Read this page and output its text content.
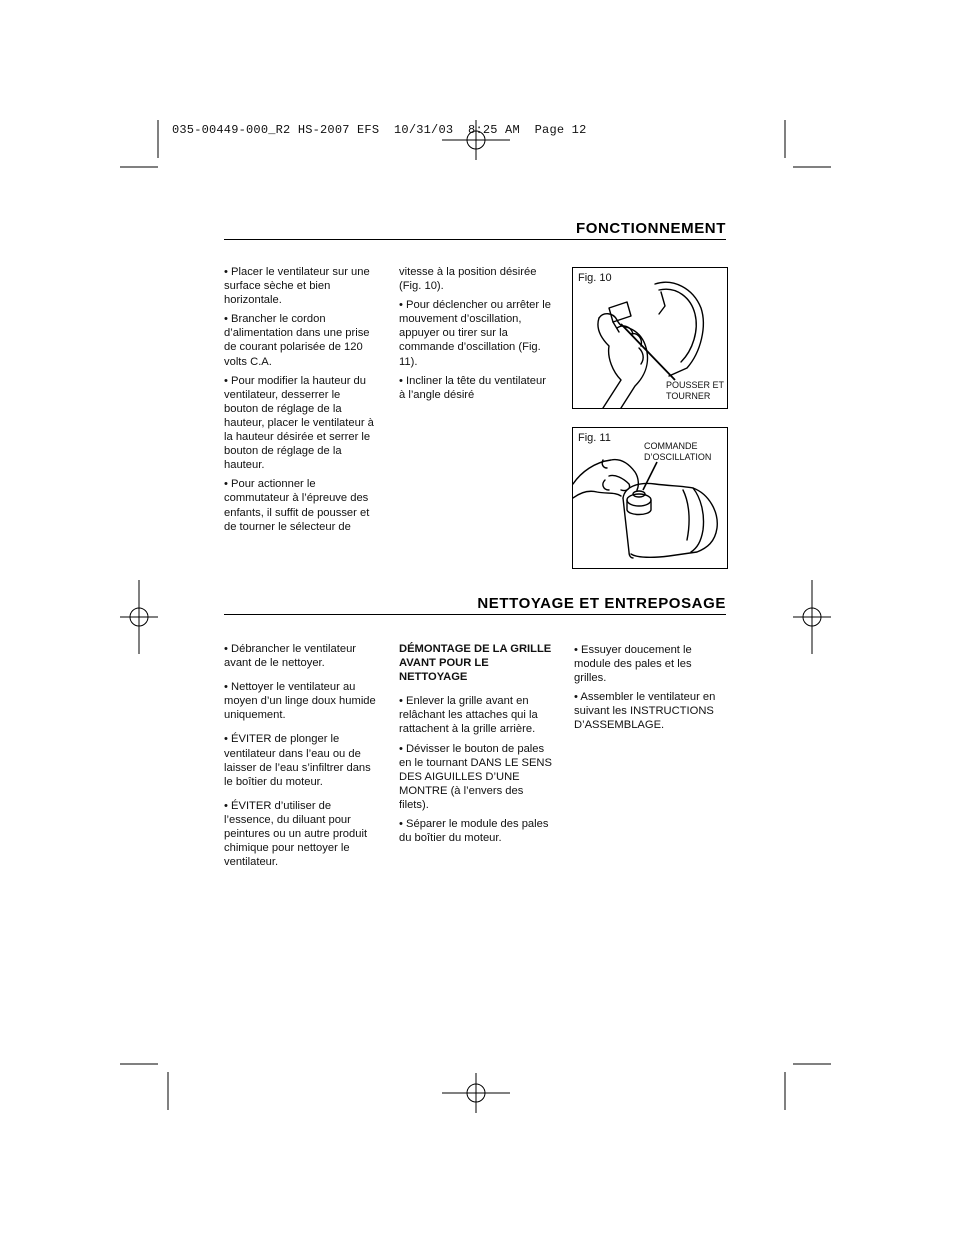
035-00449-000_R2 HS-2007 EFS  10/31/03  8:25 AM  Page 12
FONCTIONNEMENT

• Placer le ventilateur sur une surface sèche et bien horizontale.

• Brancher le cordon d’alimentation dans une prise de courant polarisée de 120 volts C.A.

• Pour modifier la hauteur du ventilateur, desserrer le bouton de réglage de la hauteur, placer le ventilateur à la hauteur désirée et serrer le bouton de réglage de la hauteur.

• Pour actionner le commutateur à l’épreuve des enfants, il suffit de pousser et de tourner le sélecteur de

vitesse à la position désirée (Fig. 10).

• Pour déclencher ou arrêter le mouvement d’oscillation, appuyer ou tirer sur la commande d’oscillation (Fig. 11).

• Incliner la tête du ventilateur à l’angle désiré

Fig. 10
POUSSER ET
TOURNER
Fig. 11
COMMANDE
D’OSCILLATION
NETTOYAGE ET ENTREPOSAGE

• Débrancher le ventilateur avant de le nettoyer.

• Nettoyer le ventilateur au moyen d’un linge doux humide uniquement.

• ÉVITER de plonger le ventilateur dans l’eau ou de laisser de l’eau s’infiltrer dans le boîtier du moteur.

• ÉVITER d’utiliser de l’essence, du diluant pour peintures ou un autre produit chimique pour nettoyer le ventilateur.

DÉMONTAGE DE LA GRILLE AVANT POUR LE NETTOYAGE

• Enlever la grille avant en relâchant les attaches qui la rattachent à la grille arrière.

• Dévisser le bouton de pales en le tournant DANS LE SENS DES AIGUILLES D’UNE MONTRE (à l’envers des filets).

• Séparer le module des pales du boîtier du moteur.

• Essuyer doucement le module des pales et les grilles.

• Assembler le ventilateur en suivant les INSTRUCTIONS D’ASSEMBLAGE.
